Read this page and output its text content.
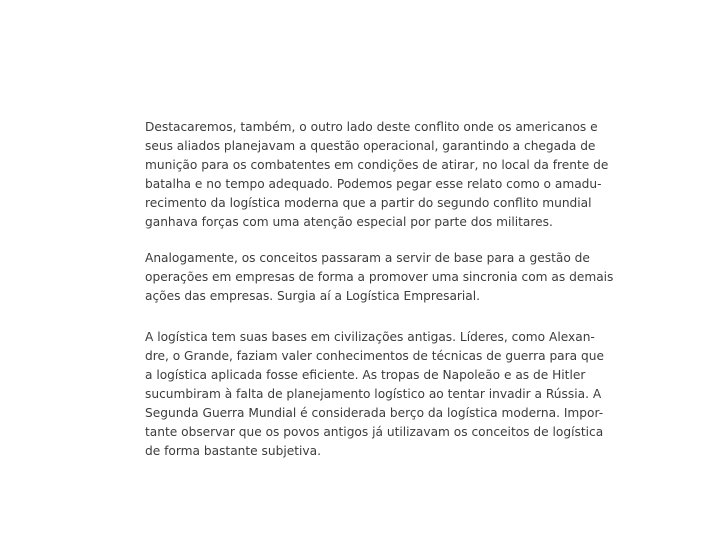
Destacaremos, também, o outro lado deste conflito onde os americanos e
seus aliados planejavam a questão operacional, garantindo a chegada de
munição para os combatentes em condições de atirar, no local da frente de
batalha e no tempo adequado. Podemos pegar esse relato como o amadu-
recimento da logística moderna que a partir do segundo conflito mundial
ganhava forças com uma atenção especial por parte dos militares.

Analogamente, os conceitos passaram a servir de base para a gestão de
operações em empresas de forma a promover uma sincronia com as demais
ações das empresas. Surgia aí a Logística Empresarial.

A logística tem suas bases em civilizações antigas. Líderes, como Alexan-
dre, o Grande, faziam valer conhecimentos de técnicas de guerra para que
a logística aplicada fosse eficiente. As tropas de Napoleão e as de Hitler
sucumbiram à falta de planejamento logístico ao tentar invadir a Rússia. A
Segunda Guerra Mundial é considerada berço da logística moderna. Impor-
tante observar que os povos antigos já utilizavam os conceitos de logística
de forma bastante subjetiva.
